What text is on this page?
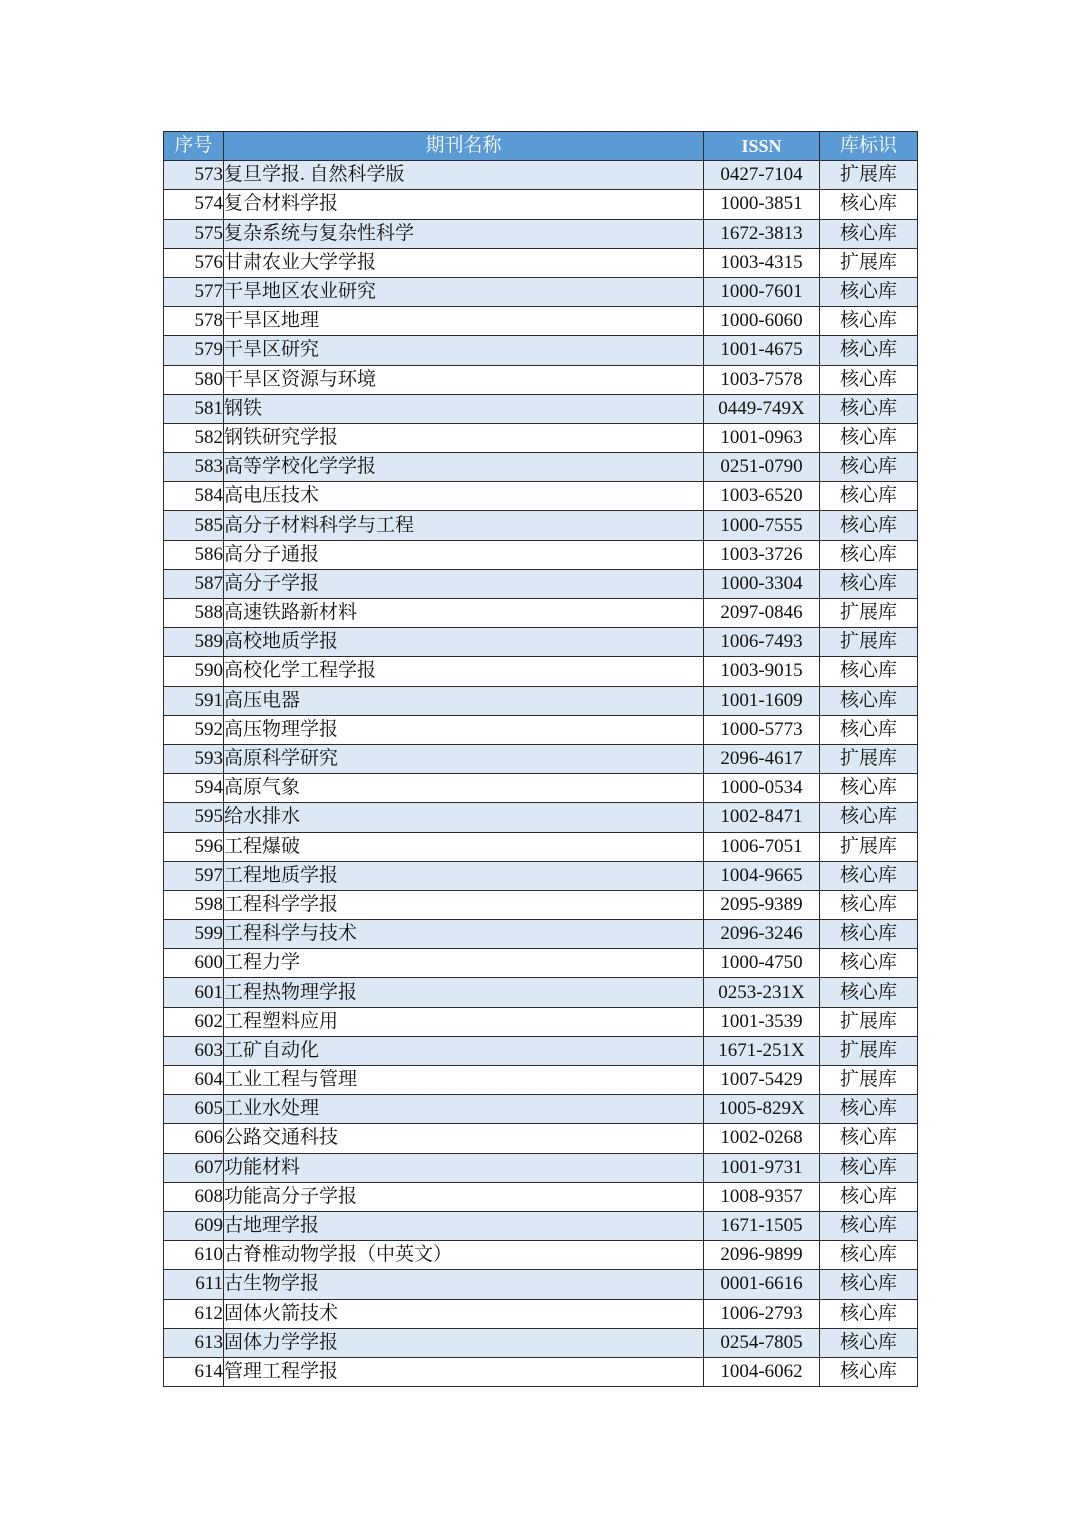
序号	期刊名称	ISSN	库标识
573	复旦学报. 自然科学版	0427-7104	扩展库
574	复合材料学报	1000-3851	核心库
575	复杂系统与复杂性科学	1672-3813	核心库
576	甘肃农业大学学报	1003-4315	扩展库
577	干旱地区农业研究	1000-7601	核心库
578	干旱区地理	1000-6060	核心库
579	干旱区研究	1001-4675	核心库
580	干旱区资源与环境	1003-7578	核心库
581	钢铁	0449-749X	核心库
582	钢铁研究学报	1001-0963	核心库
583	高等学校化学学报	0251-0790	核心库
584	高电压技术	1003-6520	核心库
585	高分子材料科学与工程	1000-7555	核心库
586	高分子通报	1003-3726	核心库
587	高分子学报	1000-3304	核心库
588	高速铁路新材料	2097-0846	扩展库
589	高校地质学报	1006-7493	扩展库
590	高校化学工程学报	1003-9015	核心库
591	高压电器	1001-1609	核心库
592	高压物理学报	1000-5773	核心库
593	高原科学研究	2096-4617	扩展库
594	高原气象	1000-0534	核心库
595	给水排水	1002-8471	核心库
596	工程爆破	1006-7051	扩展库
597	工程地质学报	1004-9665	核心库
598	工程科学学报	2095-9389	核心库
599	工程科学与技术	2096-3246	核心库
600	工程力学	1000-4750	核心库
601	工程热物理学报	0253-231X	核心库
602	工程塑料应用	1001-3539	扩展库
603	工矿自动化	1671-251X	扩展库
604	工业工程与管理	1007-5429	扩展库
605	工业水处理	1005-829X	核心库
606	公路交通科技	1002-0268	核心库
607	功能材料	1001-9731	核心库
608	功能高分子学报	1008-9357	核心库
609	古地理学报	1671-1505	核心库
610	古脊椎动物学报（中英文）	2096-9899	核心库
611	古生物学报	0001-6616	核心库
612	固体火箭技术	1006-2793	核心库
613	固体力学学报	0254-7805	核心库
614	管理工程学报	1004-6062	核心库
